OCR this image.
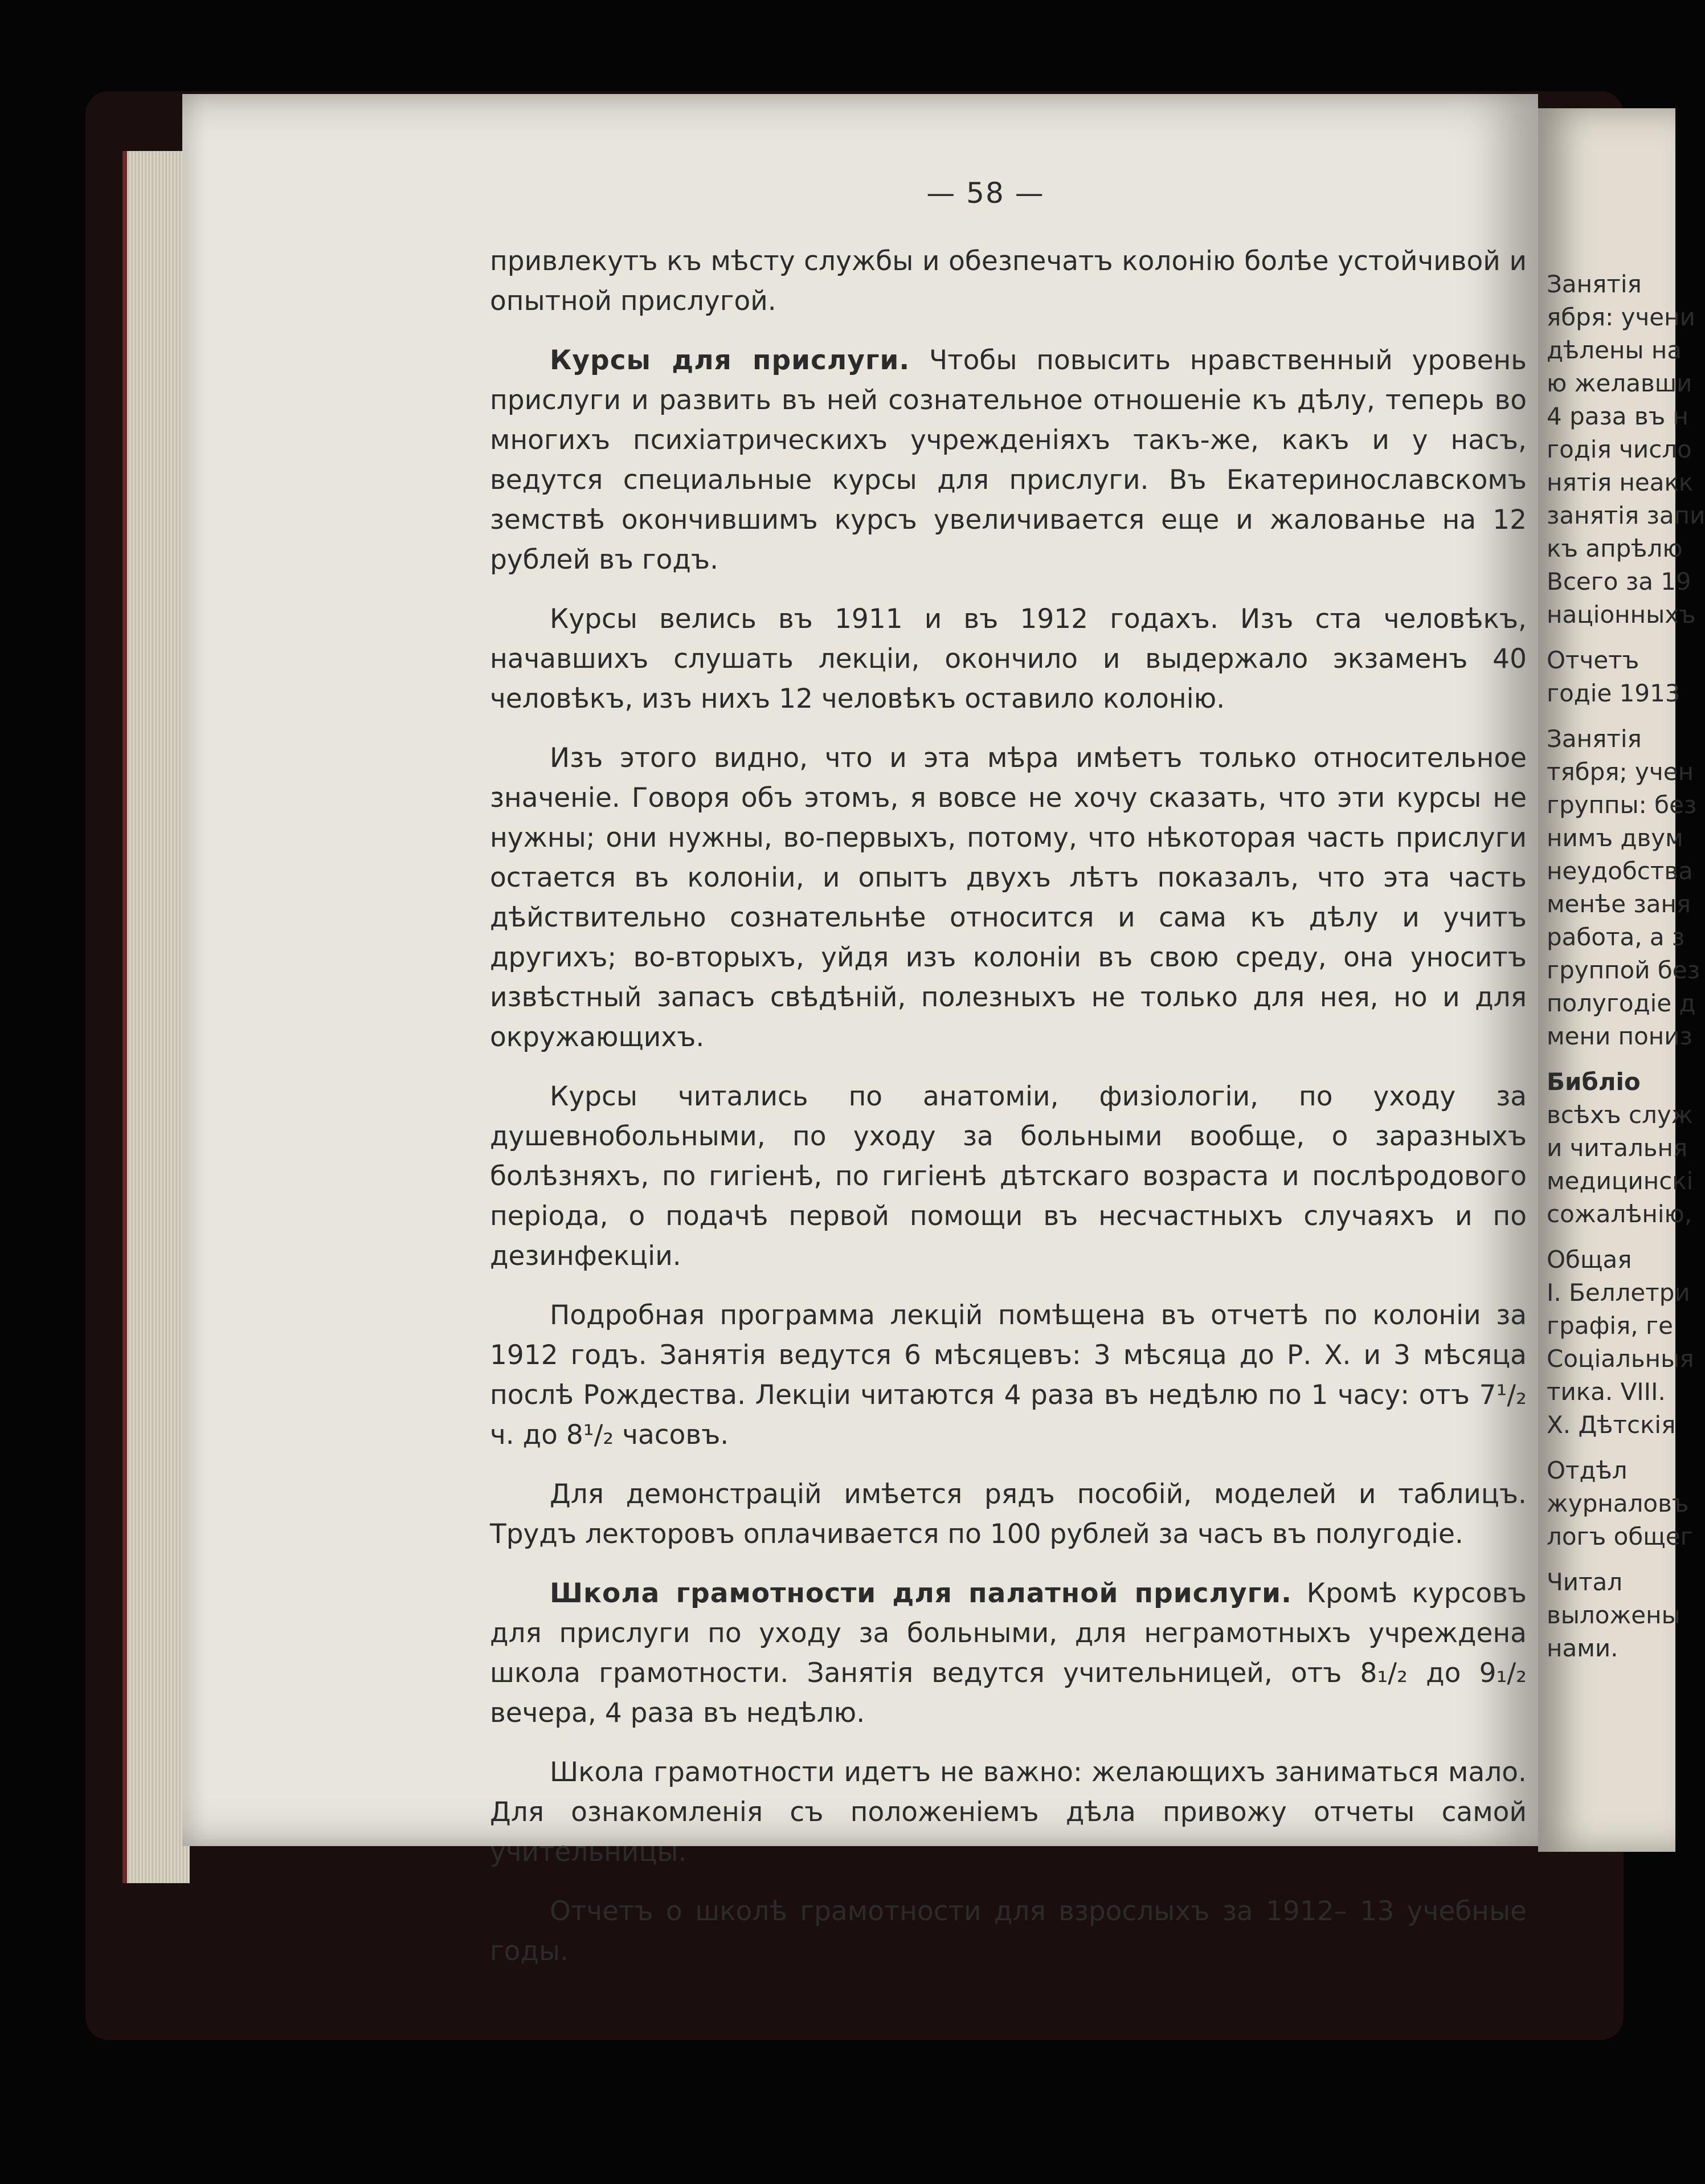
— 58 —

привлекутъ къ мѣсту службы и обезпечатъ колонію болѣе устойчивой и опытной прислугой.

Курсы для прислуги. Чтобы повысить нравственный уровень прислуги и развить въ ней сознательное отношеніе къ дѣлу, теперь во многихъ психіатрическихъ учрежденіяхъ такъ-же, какъ и у насъ, ведутся специальные курсы для прислуги. Въ Екатеринославскомъ земствѣ окончившимъ курсъ увеличивается еще и жалованье на 12 рублей въ годъ.

Курсы велись въ 1911 и въ 1912 годахъ. Изъ ста человѣкъ, начавшихъ слушать лекціи, окончило и выдержало экзаменъ 40 человѣкъ, изъ нихъ 12 человѣкъ оставило колонію.

Изъ этого видно, что и эта мѣра имѣетъ только относительное значеніе. Говоря объ этомъ, я вовсе не хочу сказать, что эти курсы не нужны; они нужны, во-первыхъ, потому, что нѣкоторая часть прислуги остается въ колоніи, и опытъ двухъ лѣтъ показалъ, что эта часть дѣйствительно сознательнѣе относится и сама къ дѣлу и учитъ другихъ; во-вторыхъ, уйдя изъ колоніи въ свою среду, она уноситъ извѣстный запасъ свѣдѣній, полезныхъ не только для нея, но и для окружающихъ.

Курсы читались по анатоміи, физіологіи, по уходу за душевнобольными, по уходу за больными вообще, о заразныхъ болѣзняхъ, по гигіенѣ, по гигіенѣ дѣтскаго возраста и послѣродового періода, о подачѣ первой помощи въ несчастныхъ случаяхъ и по дезинфекціи.

Подробная программа лекцій помѣщена въ отчетѣ по колоніи за 1912 годъ. Занятія ведутся 6 мѣсяцевъ: 3 мѣсяца до Р. Х. и 3 мѣсяца послѣ Рождества. Лекціи читаются 4 раза въ недѣлю по 1 часу: отъ 7¹/₂ ч. до 8¹/₂ часовъ.

Для демонстрацій имѣется рядъ пособій, моделей и таблицъ. Трудъ лекторовъ оплачивается по 100 рублей за часъ въ полугодіе.

Школа грамотности для палатной прислуги. Кромѣ курсовъ для прислуги по уходу за больными, для неграмотныхъ учреждена школа грамотности. Занятія ведутся учительницей, отъ 8₁/₂ до 9₁/₂ вечера, 4 раза въ недѣлю.

Школа грамотности идетъ не важно: желающихъ заниматься мало. Для ознакомленія съ положеніемъ дѣла привожу отчеты самой учительницы.

Отчетъ о школѣ грамотности для взрослыхъ за 1912– 13 учебные годы.

Занятія
ября: учени
дѣлены на
ю желавши
4 раза въ н
годія число
нятія неакк
занятія запи
къ апрѣлю
Всего за 19
націонныхъ
Отчетъ
годіе 1913
Занятія
тября; учен
группы: без
нимъ двум
неудобства
менѣе заня
работа, а з
группой без
полугодіе д
мени пониз
Библіо
всѣхъ служ
и читальня
медицинскі
сожалѣнію,
Общая
I. Беллетри
графія, ге
Соціальныя
тика. VIII.
X. Дѣтскія
Отдѣл
журналовъ
логъ общег
Читал
выложены
нами.
